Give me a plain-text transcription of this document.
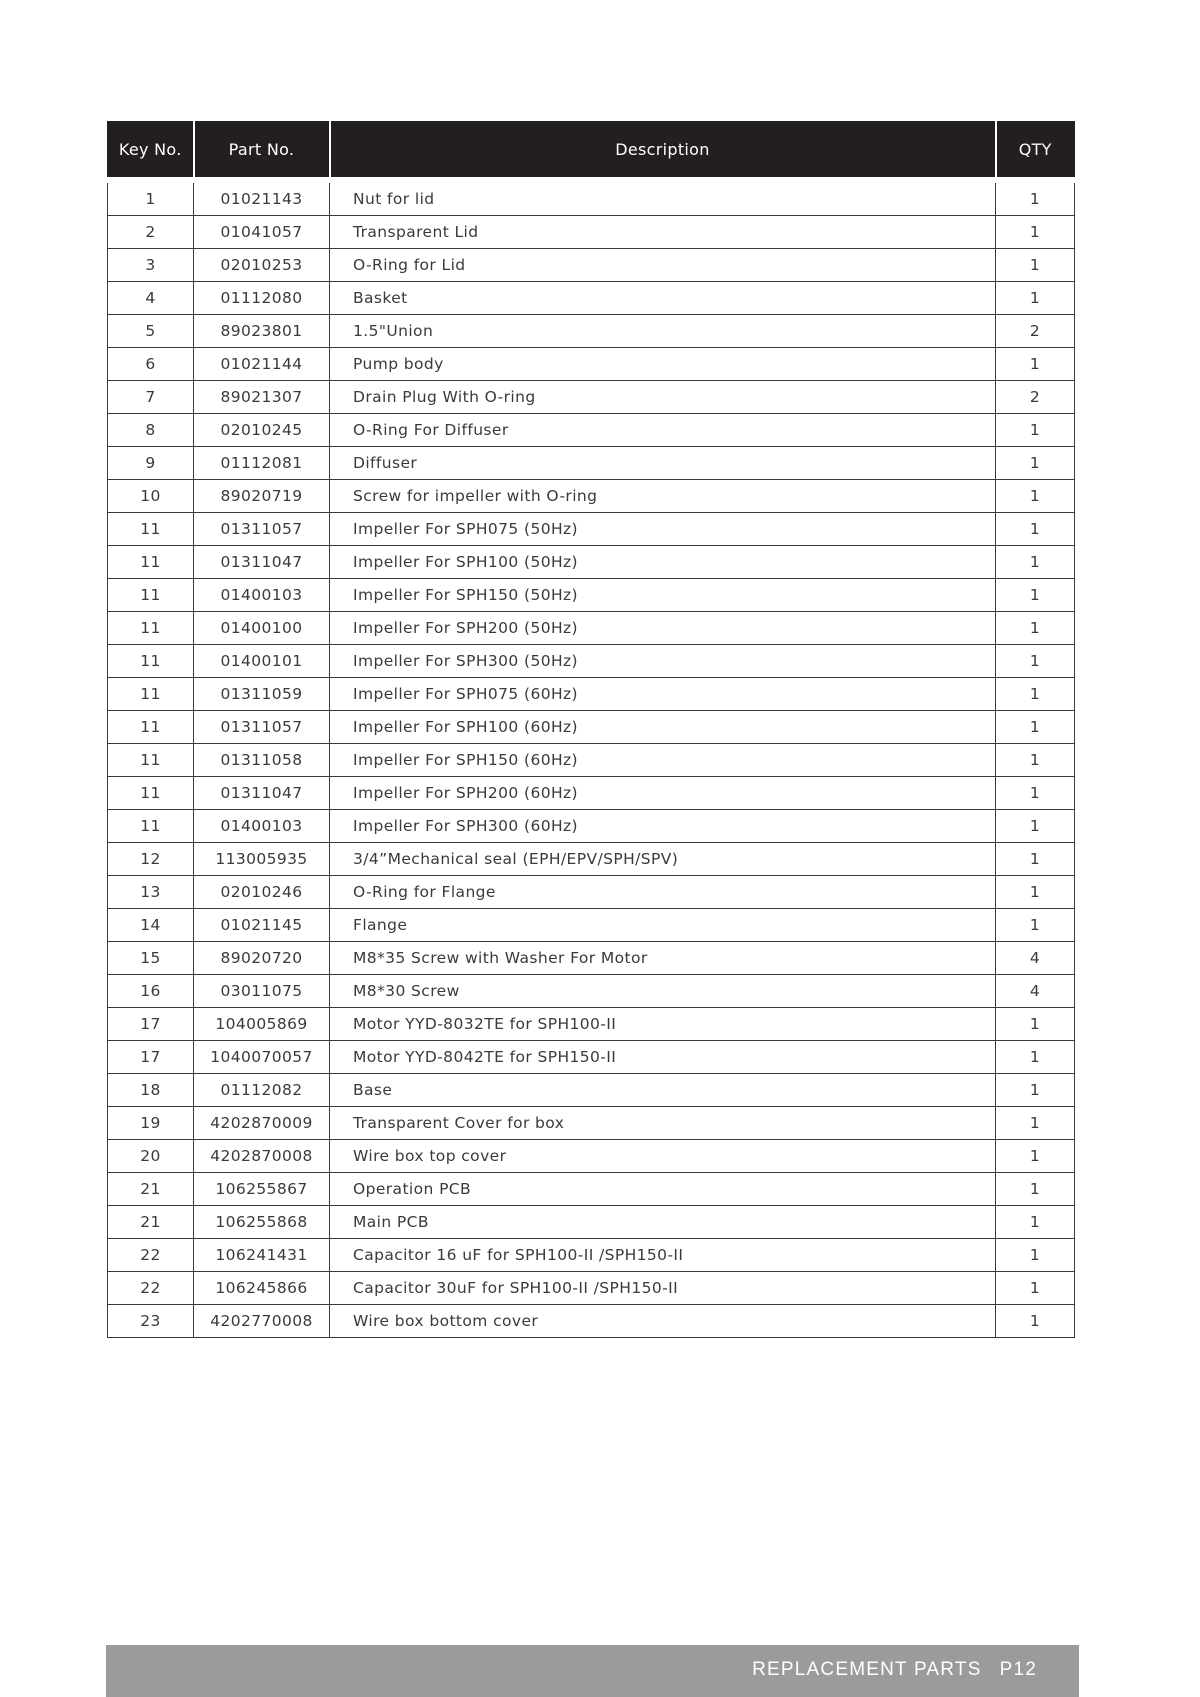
Key No.	Part No.	Description	QTY
1	01021143	Nut for lid	1
2	01041057	Transparent Lid	1
3	02010253	O-Ring for Lid	1
4	01112080	Basket	1
5	89023801	1.5"Union	2
6	01021144	Pump body	1
7	89021307	Drain Plug With O-ring	2
8	02010245	O-Ring For Diffuser	1
9	01112081	Diffuser	1
10	89020719	Screw for impeller with O-ring	1
11	01311057	Impeller For SPH075 (50Hz)	1
11	01311047	Impeller For SPH100 (50Hz)	1
11	01400103	Impeller For SPH150 (50Hz)	1
11	01400100	Impeller For SPH200 (50Hz)	1
11	01400101	Impeller For SPH300 (50Hz)	1
11	01311059	Impeller For SPH075 (60Hz)	1
11	01311057	Impeller For SPH100 (60Hz)	1
11	01311058	Impeller For SPH150 (60Hz)	1
11	01311047	Impeller For SPH200 (60Hz)	1
11	01400103	Impeller For SPH300 (60Hz)	1
12	113005935	3/4”Mechanical seal (EPH/EPV/SPH/SPV)	1
13	02010246	O-Ring for Flange	1
14	01021145	Flange	1
15	89020720	M8*35 Screw with Washer For Motor	4
16	03011075	M8*30 Screw	4
17	104005869	Motor YYD-8032TE for SPH100-II	1
17	1040070057	Motor YYD-8042TE for SPH150-II	1
18	01112082	Base	1
19	4202870009	Transparent Cover for box	1
20	4202870008	Wire box top cover	1
21	106255867	Operation PCB	1
21	106255868	Main PCB	1
22	106241431	Capacitor 16 uF for SPH100-II /SPH150-II	1
22	106245866	Capacitor 30uF for SPH100-II /SPH150-II	1
23	4202770008	Wire box bottom cover	1
REPLACEMENT PARTS P12
